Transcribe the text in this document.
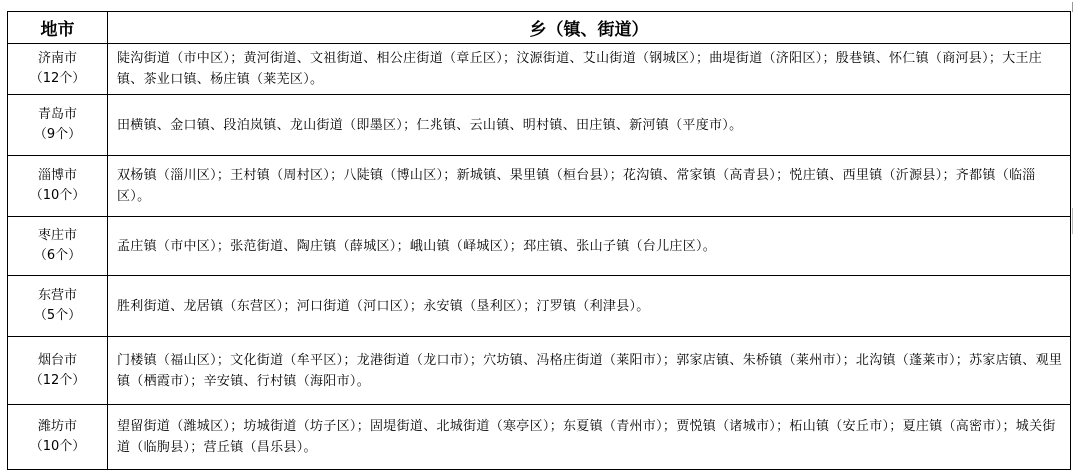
地市	乡（镇、街道）

济南市
（12个）	陡沟街道（市中区）；黄河街道、文祖街道、相公庄街道（章丘区）；汶源街道、艾山街道（钢城区）；曲堤街道（济阳区）；殷巷镇、怀仁镇（商河县）；大王庄镇、茶业口镇、杨庄镇（莱芜区）。

青岛市
（9个）	田横镇、金口镇、段泊岚镇、龙山街道（即墨区）；仁兆镇、云山镇、明村镇、田庄镇、新河镇（平度市）。

淄博市
（10个）	双杨镇（淄川区）；王村镇（周村区）；八陡镇（博山区）；新城镇、果里镇（桓台县）；花沟镇、常家镇（高青县）；悦庄镇、西里镇（沂源县）；齐都镇（临淄区）。

枣庄市
（6个）	孟庄镇（市中区）；张范街道、陶庄镇（薛城区）；峨山镇（峄城区）；邳庄镇、张山子镇（台儿庄区）。

东营市
（5个）	胜利街道、龙居镇（东营区）；河口街道（河口区）；永安镇（垦利区）；汀罗镇（利津县）。

烟台市
（12个）	门楼镇（福山区）；文化街道（牟平区）；龙港街道（龙口市）；穴坊镇、冯格庄街道（莱阳市）；郭家店镇、朱桥镇（莱州市）；北沟镇（蓬莱市）；苏家店镇、观里镇（栖霞市）；辛安镇、行村镇（海阳市）。

潍坊市
（10个）	望留街道（潍城区）；坊城街道（坊子区）；固堤街道、北城街道（寒亭区）；东夏镇（青州市）；贾悦镇（诸城市）；柘山镇（安丘市）；夏庄镇（高密市）；城关街道（临朐县）；营丘镇（昌乐县）。
